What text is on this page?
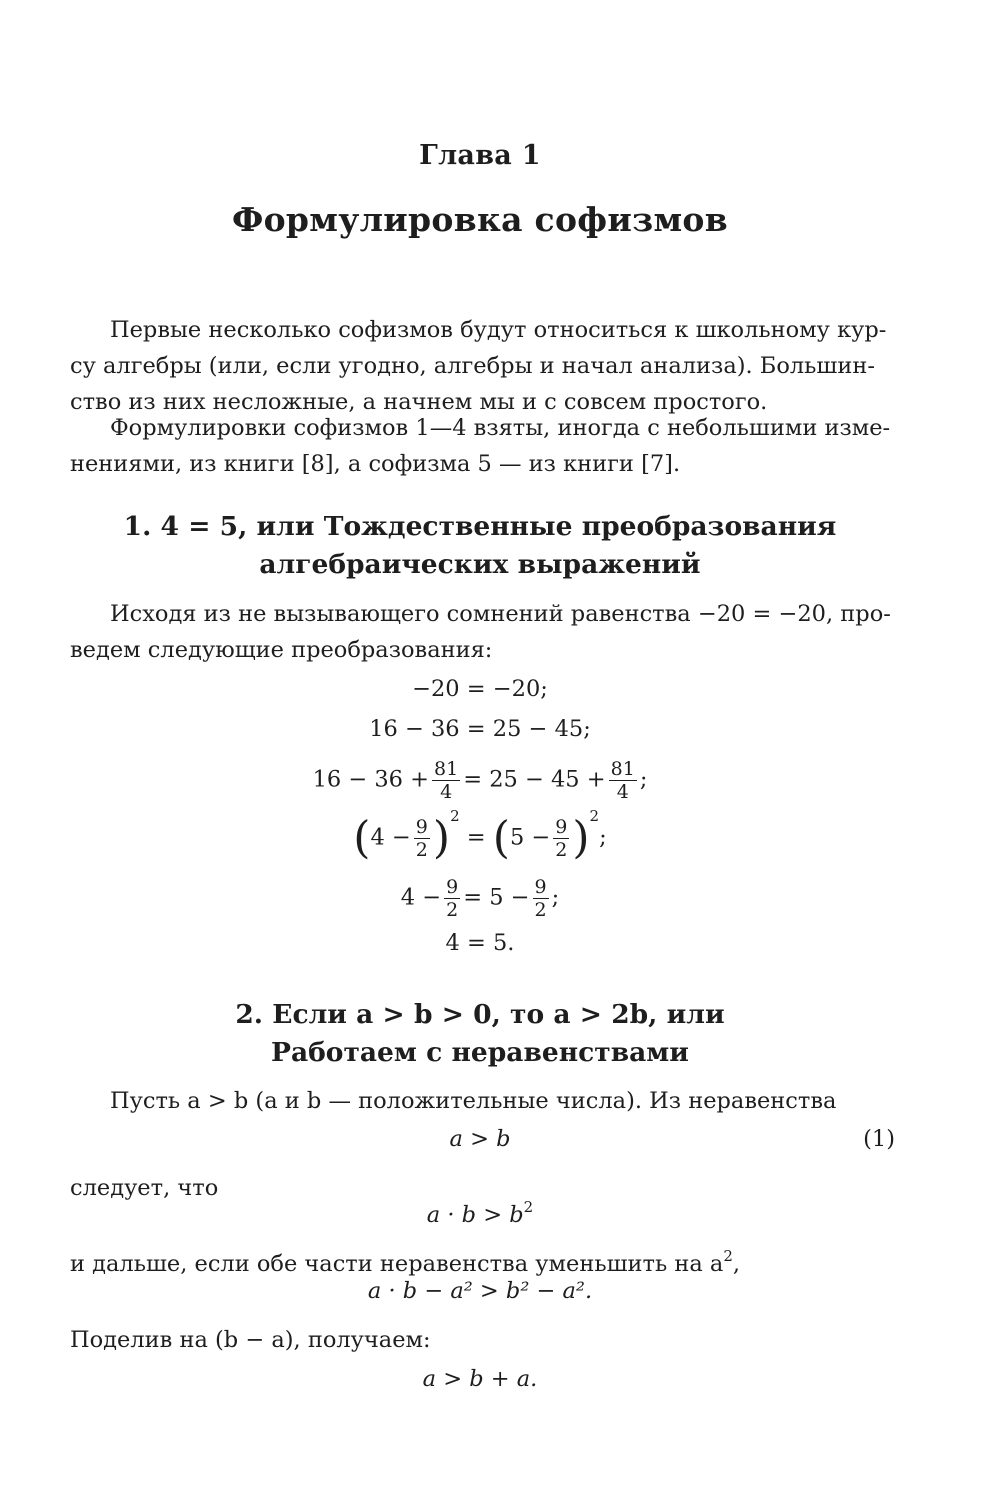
Глава 1
Формулировка софизмов
Первые несколько софизмов будут относиться к школьному кур-
су алгебры (или, если угодно, алгебры и начал анализа). Большин-
ство из них несложные, а начнем мы и с совсем простого.
Формулировки софизмов 1—4 взяты, иногда с небольшими изме-
нениями, из книги [8], а софизма 5 — из книги [7].
1. 4 = 5, или Тождественные преобразования
алгебраических выражений
Исходя из не вызывающего сомнений равенства −20 = −20, про-
ведем следующие преобразования:
−20 = −20;
16 − 36 = 25 − 45;
$16 - 36 + \frac{81}{4} = 25 - 45 + \frac{81}{4}$ ;
$(4 - \frac{9}{2} )^2 = (5 - \frac{9}{2} )^2$;
$4 - \frac{9}{2} = 5 - \frac{9}{2}$ ;
4 = 5.
2. Если a > b > 0, то a > 2b, или
Работаем с неравенствами
Пусть a > b (a и b — положительные числа). Из неравенства
a > b	(1)
следует, что
$a \cdot b > b^2$
и дальше, если обе части неравенства уменьшить на $a^2$,
a · b − a² > b² − a².
Поделив на (b − a), получаем:
a > b + a.
